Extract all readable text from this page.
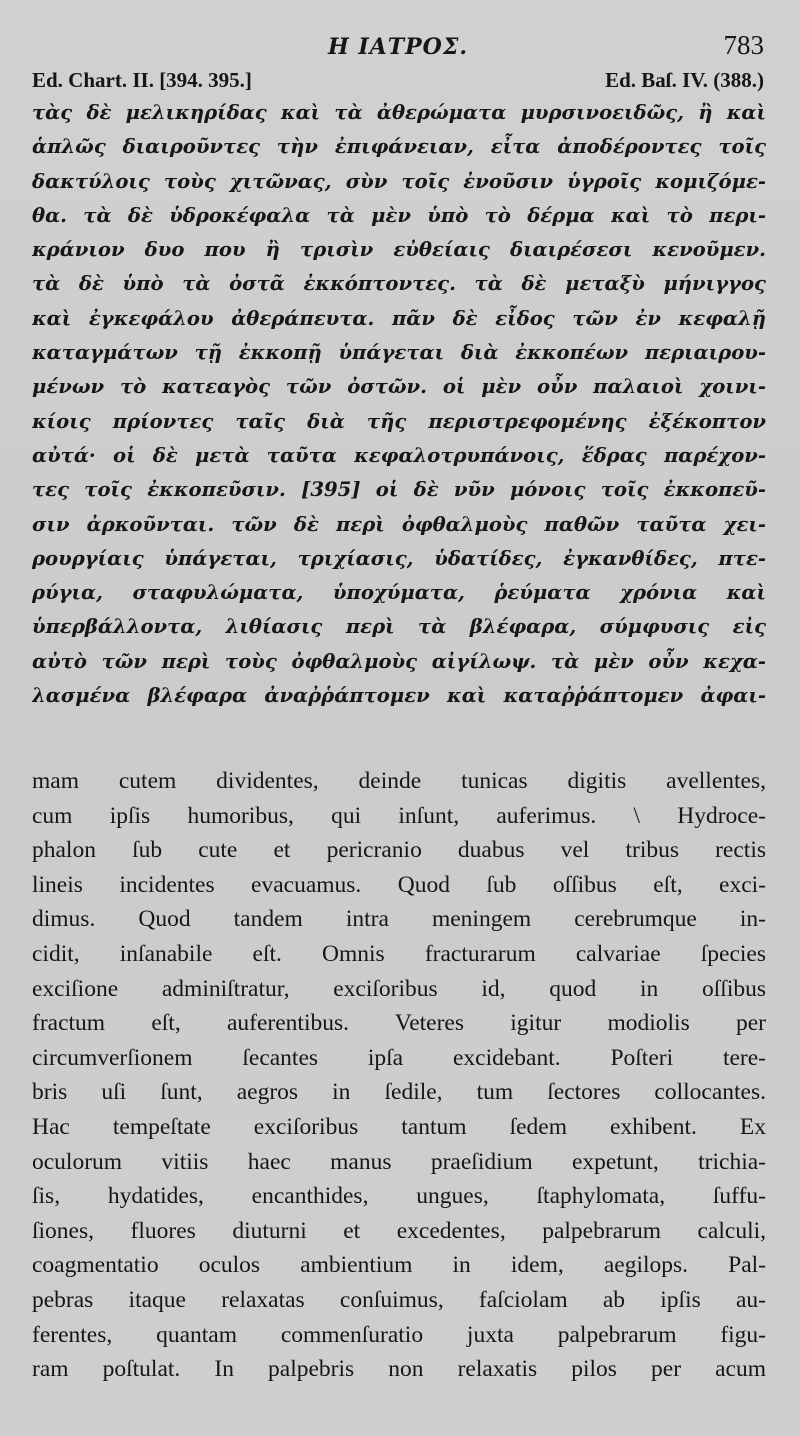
Η ΙΑΤΡΟΣ.	783
Ed. Chart. II. [394. 395.]	Ed. Baſ. IV. (388.)
τὰς δὲ μελικηρίδας καὶ τὰ ἀθερώματα μυρσινοειδῶς, ἢ καὶ
ἁπλῶς διαιροῦντες τὴν ἐπιφάνειαν, εἶτα ἀποδέροντες τοῖς
δακτύλοις τοὺς χιτῶνας, σὺν τοῖς ἐνοῦσιν ὑγροῖς κομιζόμε-
θα. τὰ δὲ ὑδροκέφαλα τὰ μὲν ὑπὸ τὸ δέρμα καὶ τὸ περι-
κράνιον δυο που ἢ τρισὶν εὐθείαις διαιρέσεσι κενοῦμεν.
τὰ δὲ ὑπὸ τὰ ὀστᾶ ἐκκόπτοντες. τὰ δὲ μεταξὺ μήνιγγος
καὶ ἐγκεφάλου ἀθεράπευτα. πᾶν δὲ εἶδος τῶν ἐν κεφαλῇ
καταγμάτων τῇ ἐκκοπῇ ὑπάγεται διὰ ἐκκοπέων περιαιρου-
μένων τὸ κατεαγὸς τῶν ὀστῶν. οἱ μὲν οὖν παλαιοὶ χοινι-
κίοις πρίοντες ταῖς διὰ τῆς περιστρεφομένης ἐξέκοπτον
αὐτά· οἱ δὲ μετὰ ταῦτα κεφαλοτρυπάνοις, ἕδρας παρέχον-
τες τοῖς ἐκκοπεῦσιν. [395] οἱ δὲ νῦν μόνοις τοῖς ἐκκοπεῦ-
σιν ἀρκοῦνται. τῶν δὲ περὶ ὀφθαλμοὺς παθῶν ταῦτα χει-
ρουργίαις ὑπάγεται, τριχίασις, ὑδατίδες, ἐγκανθίδες, πτε-
ρύγια, σταφυλώματα, ὑποχύματα, ῥεύματα χρόνια καὶ
ὑπερβάλλοντα, λιθίασις περὶ τὰ βλέφαρα, σύμφυσις εἰς
αὐτὸ τῶν περὶ τοὺς ὀφθαλμοὺς αἰγίλωψ. τὰ μὲν οὖν κεχα-
λασμένα βλέφαρα ἀναῤῥάπτομεν καὶ καταῤῥάπτομεν ἀφαι-
mam cutem dividentes, deinde tunicas digitis avellentes,
cum ipſis humoribus, qui inſunt, auferimus. \ Hydroce-
phalon ſub cute et pericranio duabus vel tribus rectis
lineis incidentes evacuamus. Quod ſub oſſibus eſt, exci-
dimus. Quod tandem intra meningem cerebrumque in-
cidit, inſanabile eſt. Omnis fracturarum calvariae ſpecies
exciſione adminiſtratur, exciſoribus id, quod in oſſibus
fractum eſt, auferentibus. Veteres igitur modiolis per
circumverſionem ſecantes ipſa excidebant. Poſteri tere-
bris uſi ſunt, aegros in ſedile, tum ſectores collocantes.
Hac tempeſtate exciſoribus tantum ſedem exhibent. Ex
oculorum vitiis haec manus praeſidium expetunt, trichia-
ſis, hydatides, encanthides, ungues, ſtaphylomata, ſuffu-
ſiones, fluores diuturni et excedentes, palpebrarum calculi,
coagmentatio oculos ambientium in idem, aegilops. Pal-
pebras itaque relaxatas conſuimus, faſciolam ab ipſis au-
ferentes, quantam commenſuratio juxta palpebrarum figu-
ram poſtulat. In palpebris non relaxatis pilos per acum
